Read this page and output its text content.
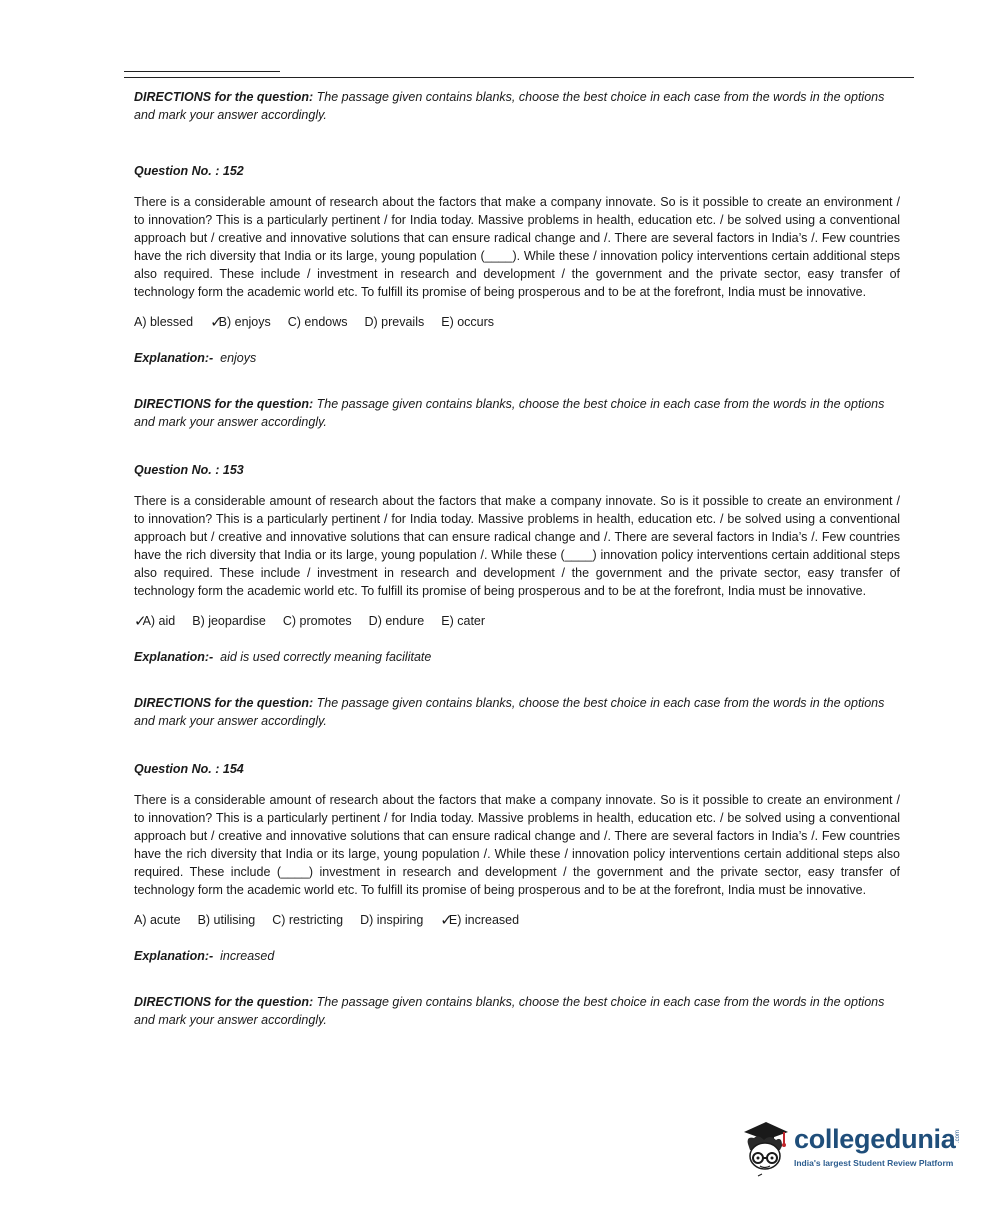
DIRECTIONS for the question: The passage given contains blanks, choose the best choice in each case from the words in the options and mark your answer accordingly.

Question No. : 152

There is a considerable amount of research about the factors that make a company innovate. So is it possible to create an environment / to innovation? This is a particularly pertinent / for India today. Massive problems in health, education etc. / be solved using a conventional approach but / creative and innovative solutions that can ensure radical change and /. There are several factors in India’s /. Few countries have the rich diversity that India or its large, young population (____). While these / innovation policy interventions certain additional steps also required. These include / investment in research and development / the government and the private sector, easy transfer of technology form the academic world etc. To fulfill its promise of being prosperous and to be at the forefront, India must be innovative.

A) blessed ✓B) enjoys C) endows D) prevails E) occurs

Explanation:- enjoys

DIRECTIONS for the question: The passage given contains blanks, choose the best choice in each case from the words in the options and mark your answer accordingly.

Question No. : 153

There is a considerable amount of research about the factors that make a company innovate. So is it possible to create an environment / to innovation? This is a particularly pertinent / for India today. Massive problems in health, education etc. / be solved using a conventional approach but / creative and innovative solutions that can ensure radical change and /. There are several factors in India’s /. Few countries have the rich diversity that India or its large, young population /. While these (____) innovation policy interventions certain additional steps also required. These include / investment in research and development / the government and the private sector, easy transfer of technology form the academic world etc. To fulfill its promise of being prosperous and to be at the forefront, India must be innovative.

✓A) aid B) jeopardise C) promotes D) endure E) cater

Explanation:- aid is used correctly meaning facilitate

DIRECTIONS for the question: The passage given contains blanks, choose the best choice in each case from the words in the options and mark your answer accordingly.

Question No. : 154

There is a considerable amount of research about the factors that make a company innovate. So is it possible to create an environment / to innovation? This is a particularly pertinent / for India today. Massive problems in health, education etc. / be solved using a conventional approach but / creative and innovative solutions that can ensure radical change and /. There are several factors in India’s /. Few countries have the rich diversity that India or its large, young population /. While these / innovation policy interventions certain additional steps also required. These include (____) investment in research and development / the government and the private sector, easy transfer of technology form the academic world etc. To fulfill its promise of being prosperous and to be at the forefront, India must be innovative.

A) acute B) utilising C) restricting D) inspiring ✓E) increased

Explanation:- increased

DIRECTIONS for the question: The passage given contains blanks, choose the best choice in each case from the words in the options and mark your answer accordingly.

collegedunia .com
India's largest Student Review Platform
